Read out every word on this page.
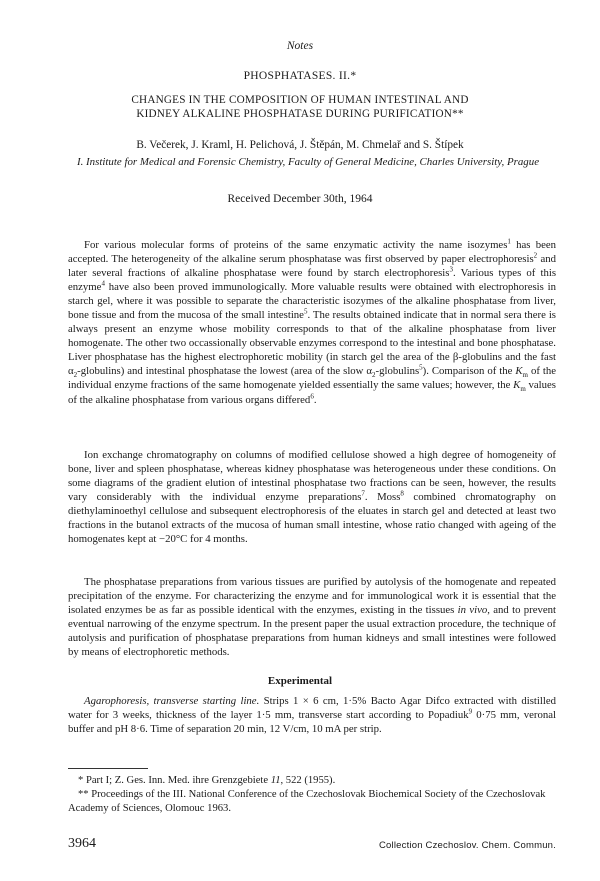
Notes
PHOSPHATASES. II.*
CHANGES IN THE COMPOSITION OF HUMAN INTESTINAL AND KIDNEY ALKALINE PHOSPHATASE DURING PURIFICATION**
B. Večerek, J. Kraml, H. Pelichová, J. Štěpán, M. Chmelař and S. Štípek
I. Institute for Medical and Forensic Chemistry, Faculty of General Medicine, Charles University, Prague
Received December 30th, 1964

For various molecular forms of proteins of the same enzymatic activity the name isozymes$^1$ has been accepted. The heterogeneity of the alkaline serum phosphatase was first observed by paper electrophoresis$^2$ and later several fractions of alkaline phosphatase were found by starch electrophoresis$^3$. Various types of this enzyme$^4$ have also been proved immunologically. More valuable results were obtained with electrophoresis in starch gel, where it was possible to separate the characteristic isozymes of the alkaline phosphatase from liver, bone tissue and from the mucosa of the small intestine$^5$. The results obtained indicate that in normal sera there is always present an enzyme whose mobility corresponds to that of the alkaline phosphatase from liver homogenate. The other two occassionally observable enzymes correspond to the intestinal and bone phosphatase. Liver phosphatase has the highest electrophoretic mobility (in starch gel the area of the β-globulins and the fast $\alpha_2-globulins$) and intestinal phosphatase the lowest (area of the slow $\alpha_2-globulins^5$). Comparison of the $K_m$ of the individual enzyme fractions of the same homogenate yielded essentially the same values; however, the $K_m$ values of the alkaline phosphatase from various organs differed$^6$.

Ion exchange chromatography on columns of modified cellulose showed a high degree of homogeneity of bone, liver and spleen phosphatase, whereas kidney phosphatase was heterogeneous under these conditions. On some diagrams of the gradient elution of intestinal phosphatase two fractions can be seen, however, the results vary considerably with the individual enzyme preparations$^7$. Moss$^8$ combined chromatography on diethylaminoethyl cellulose and subsequent electrophoresis of the eluates in starch gel and detected at least two fractions in the butanol extracts of the mucosa of human small intestine, whose ratio changed with ageing of the homogenates kept at −20°C for 4 months.

The phosphatase preparations from various tissues are purified by autolysis of the homogenate and repeated precipitation of the enzyme. For characterizing the enzyme and for immunological work it is essential that the isolated enzymes be as far as possible identical with the enzymes, existing in the tissues in vivo, and to prevent eventual narrowing of the enzyme spectrum. In the present paper the usual extraction procedure, the technique of autolysis and purification of phosphatase preparations from human kidneys and small intestines were followed by means of electrophoretic methods.

Experimental

Agarophoresis, transverse starting line. Strips 1 × 6 cm, 1·5% Bacto Agar Difco extracted with distilled water for 3 weeks, thickness of the layer 1·5 mm, transverse start according to Popadiuk$^9$ 0·75 mm, veronal buffer and pH 8·6. Time of separation 20 min, 12 V/cm, 10 mA per strip.

* Part I; Z. Ges. Inn. Med. ihre Grenzgebiete 11, 522 (1955).
** Proceedings of the III. National Conference of the Czechoslovak Biochemical Society of the Czechoslovak Academy of Sciences, Olomouc 1963.
3964	Collection Czechoslov. Chem. Commun.
